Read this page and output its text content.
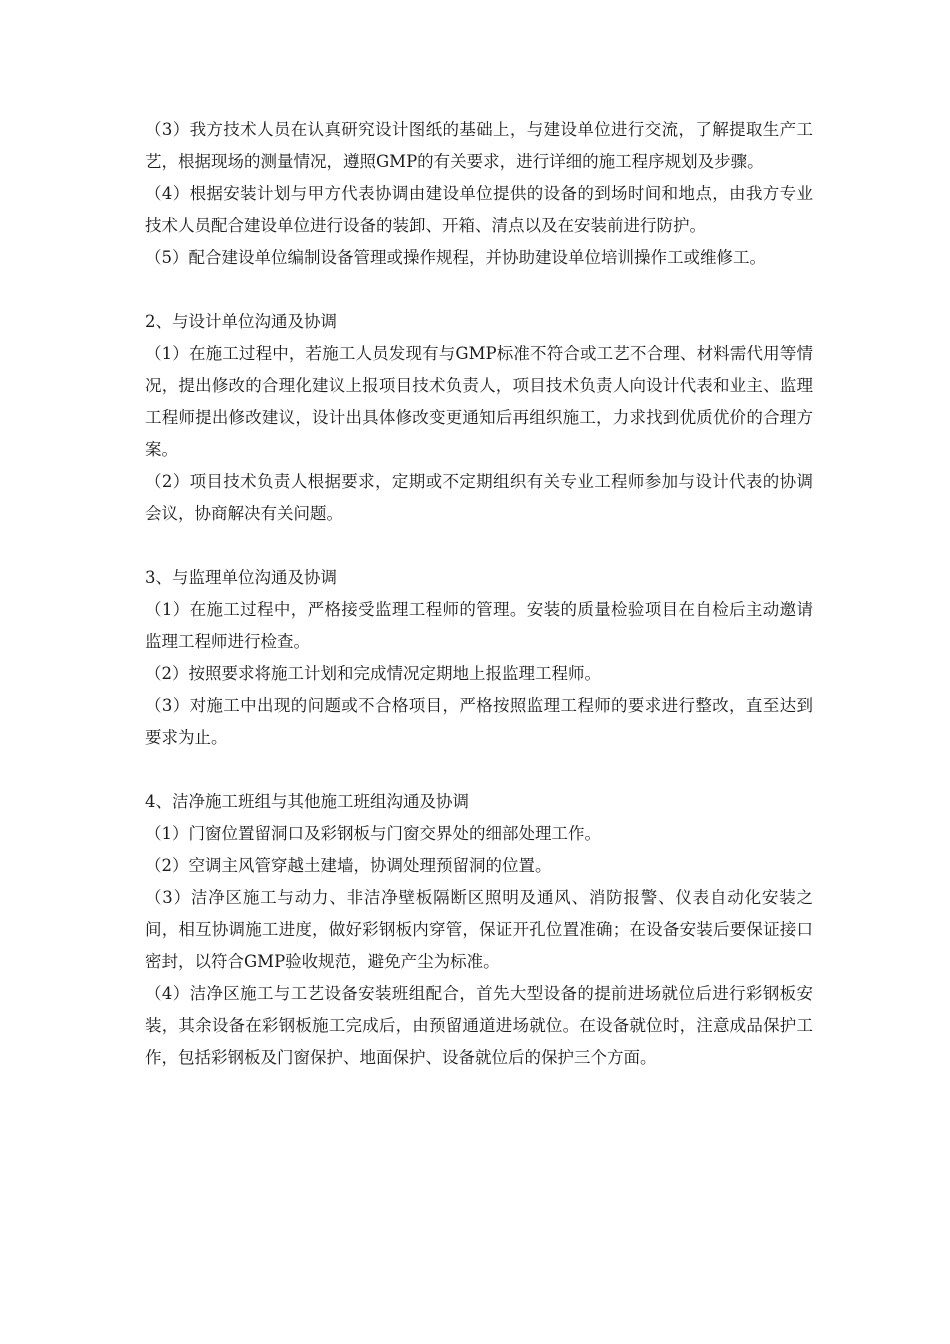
（3）我方技术人员在认真研究设计图纸的基础上，与建设单位进行交流，了解提取生产工艺，根据现场的测量情况，遵照GMP的有关要求，进行详细的施工程序规划及步骤。

（4）根据安装计划与甲方代表协调由建设单位提供的设备的到场时间和地点，由我方专业技术人员配合建设单位进行设备的装卸、开箱、清点以及在安装前进行防护。

（5）配合建设单位编制设备管理或操作规程，并协助建设单位培训操作工或维修工。

2、与设计单位沟通及协调

（1）在施工过程中，若施工人员发现有与GMP标准不符合或工艺不合理、材料需代用等情况，提出修改的合理化建议上报项目技术负责人，项目技术负责人向设计代表和业主、监理工程师提出修改建议，设计出具体修改变更通知后再组织施工，力求找到优质优价的合理方案。

（2）项目技术负责人根据要求，定期或不定期组织有关专业工程师参加与设计代表的协调会议，协商解决有关问题。

3、与监理单位沟通及协调

（1）在施工过程中，严格接受监理工程师的管理。安装的质量检验项目在自检后主动邀请监理工程师进行检查。

（2）按照要求将施工计划和完成情况定期地上报监理工程师。

（3）对施工中出现的问题或不合格项目，严格按照监理工程师的要求进行整改，直至达到要求为止。

4、洁净施工班组与其他施工班组沟通及协调

（1）门窗位置留洞口及彩钢板与门窗交界处的细部处理工作。

（2）空调主风管穿越土建墙，协调处理预留洞的位置。

（3）洁净区施工与动力、非洁净壁板隔断区照明及通风、消防报警、仪表自动化安装之间，相互协调施工进度，做好彩钢板内穿管，保证开孔位置准确；在设备安装后要保证接口密封，以符合GMP验收规范，避免产尘为标准。

（4）洁净区施工与工艺设备安装班组配合，首先大型设备的提前进场就位后进行彩钢板安装，其余设备在彩钢板施工完成后，由预留通道进场就位。在设备就位时，注意成品保护工作，包括彩钢板及门窗保护、地面保护、设备就位后的保护三个方面。
